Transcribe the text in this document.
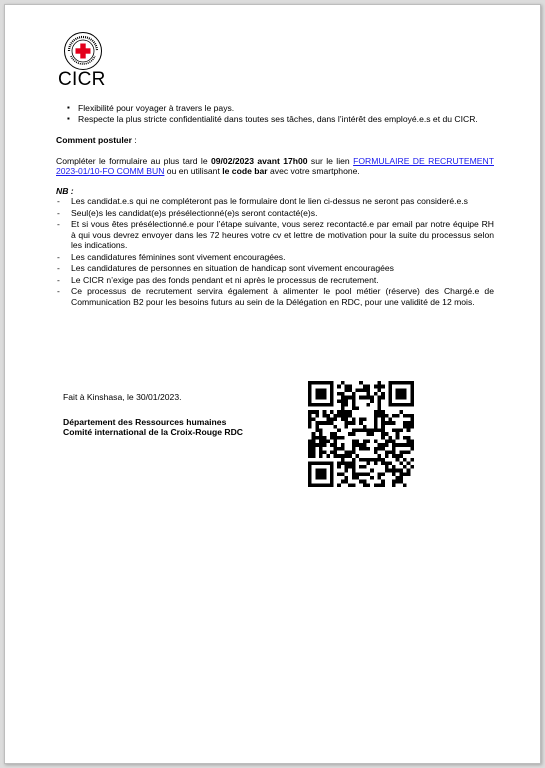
CICR
▪ Flexibilité pour voyager à travers le pays.
▪ Respecte la plus stricte confidentialité dans toutes ses tâches, dans l’intérêt des employé.e.s et du CICR.
Comment postuler :
Compléter le formulaire au plus tard le 09/02/2023 avant 17h00 sur le lien FORMULAIRE DE RECRUTEMENT 2023-01/10-FO COMM BUN ou en utilisant le code bar avec votre smartphone.
NB :
- Les candidat.e.s qui ne compléteront pas le formulaire dont le lien ci-dessus ne seront pas consideré.e.s
- Seul(e)s les candidat(e)s présélectionné(e)s seront contacté(e)s.
- Et si vous êtes présélectionné.e pour l’étape suivante, vous serez recontacté.e par email par notre équipe RH à qui vous devrez envoyer dans les 72 heures votre cv et lettre de motivation pour la suite du processus selon les indications.
- Les candidatures féminines sont vivement encouragées.
- Les candidatures de personnes en situation de handicap sont vivement encouragées
- Le CICR n’exige pas des fonds pendant et ni après le processus de recrutement.
- Ce processus de recrutement servira également à alimenter le pool métier (réserve) des Chargé.e de Communication B2 pour les besoins futurs au sein de la Délégation en RDC, pour une validité de 12 mois.
Fait à Kinshasa, le 30/01/2023.
Département des Ressources humaines
Comité international de la Croix-Rouge RDC
